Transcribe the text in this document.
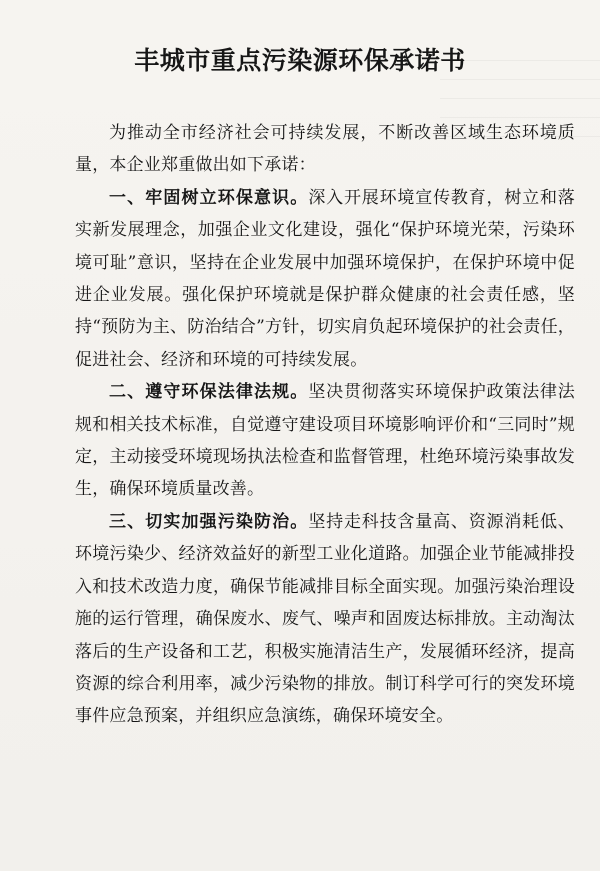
丰城市重点污染源环保承诺书

为推动全市经济社会可持续发展，不断改善区域生态环境质量，本企业郑重做出如下承诺：

一、牢固树立环保意识。深入开展环境宣传教育，树立和落实新发展理念，加强企业文化建设，强化“保护环境光荣，污染环境可耻”意识，坚持在企业发展中加强环境保护，在保护环境中促进企业发展。强化保护环境就是保护群众健康的社会责任感，坚持“预防为主、防治结合”方针，切实肩负起环境保护的社会责任，促进社会、经济和环境的可持续发展。

二、遵守环保法律法规。坚决贯彻落实环境保护政策法律法规和相关技术标准，自觉遵守建设项目环境影响评价和“三同时”规定，主动接受环境现场执法检查和监督管理，杜绝环境污染事故发生，确保环境质量改善。

三、切实加强污染防治。坚持走科技含量高、资源消耗低、环境污染少、经济效益好的新型工业化道路。加强企业节能减排投入和技术改造力度，确保节能减排目标全面实现。加强污染治理设施的运行管理，确保废水、废气、噪声和固废达标排放。主动淘汰落后的生产设备和工艺，积极实施清洁生产，发展循环经济，提高资源的综合利用率，减少污染物的排放。制订科学可行的突发环境事件应急预案，并组织应急演练，确保环境安全。
